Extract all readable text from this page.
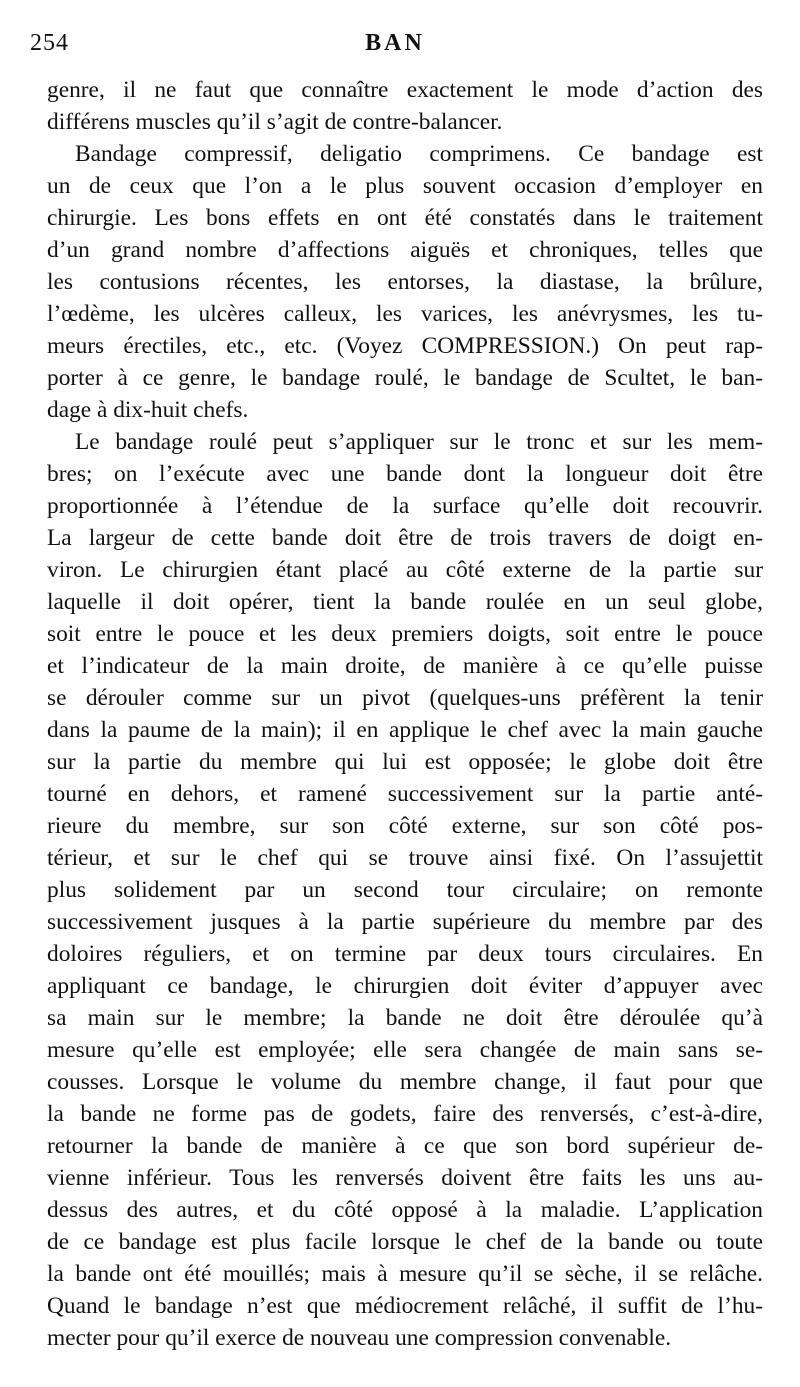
254	BAN
genre, il ne faut que connaître exactement le mode d’action des
différens muscles qu’il s’agit de contre-balancer.
Bandage compressif, deligatio comprimens. Ce bandage est
un de ceux que l’on a le plus souvent occasion d’employer en
chirurgie. Les bons effets en ont été constatés dans le traitement
d’un grand nombre d’affections aiguës et chroniques, telles que
les contusions récentes, les entorses, la diastase, la brûlure,
l’œdème, les ulcères calleux, les varices, les anévrysmes, les tu-
meurs érectiles, etc., etc. (Voyez COMPRESSION.) On peut rap-
porter à ce genre, le bandage roulé, le bandage de Scultet, le ban-
dage à dix-huit chefs.
Le bandage roulé peut s’appliquer sur le tronc et sur les mem-
bres; on l’exécute avec une bande dont la longueur doit être
proportionnée à l’étendue de la surface qu’elle doit recouvrir.
La largeur de cette bande doit être de trois travers de doigt en-
viron. Le chirurgien étant placé au côté externe de la partie sur
laquelle il doit opérer, tient la bande roulée en un seul globe,
soit entre le pouce et les deux premiers doigts, soit entre le pouce
et l’indicateur de la main droite, de manière à ce qu’elle puisse
se dérouler comme sur un pivot (quelques-uns préfèrent la tenir
dans la paume de la main); il en applique le chef avec la main gauche
sur la partie du membre qui lui est opposée; le globe doit être
tourné en dehors, et ramené successivement sur la partie anté-
rieure du membre, sur son côté externe, sur son côté pos-
térieur, et sur le chef qui se trouve ainsi fixé. On l’assujettit
plus solidement par un second tour circulaire; on remonte
successivement jusques à la partie supérieure du membre par des
doloires réguliers, et on termine par deux tours circulaires. En
appliquant ce bandage, le chirurgien doit éviter d’appuyer avec
sa main sur le membre; la bande ne doit être déroulée qu’à
mesure qu’elle est employée; elle sera changée de main sans se-
cousses. Lorsque le volume du membre change, il faut pour que
la bande ne forme pas de godets, faire des renversés, c’est-à-dire,
retourner la bande de manière à ce que son bord supérieur de-
vienne inférieur. Tous les renversés doivent être faits les uns au-
dessus des autres, et du côté opposé à la maladie. L’application
de ce bandage est plus facile lorsque le chef de la bande ou toute
la bande ont été mouillés; mais à mesure qu’il se sèche, il se relâche.
Quand le bandage n’est que médiocrement relâché, il suffit de l’hu-
mecter pour qu’il exerce de nouveau une compression convenable.
